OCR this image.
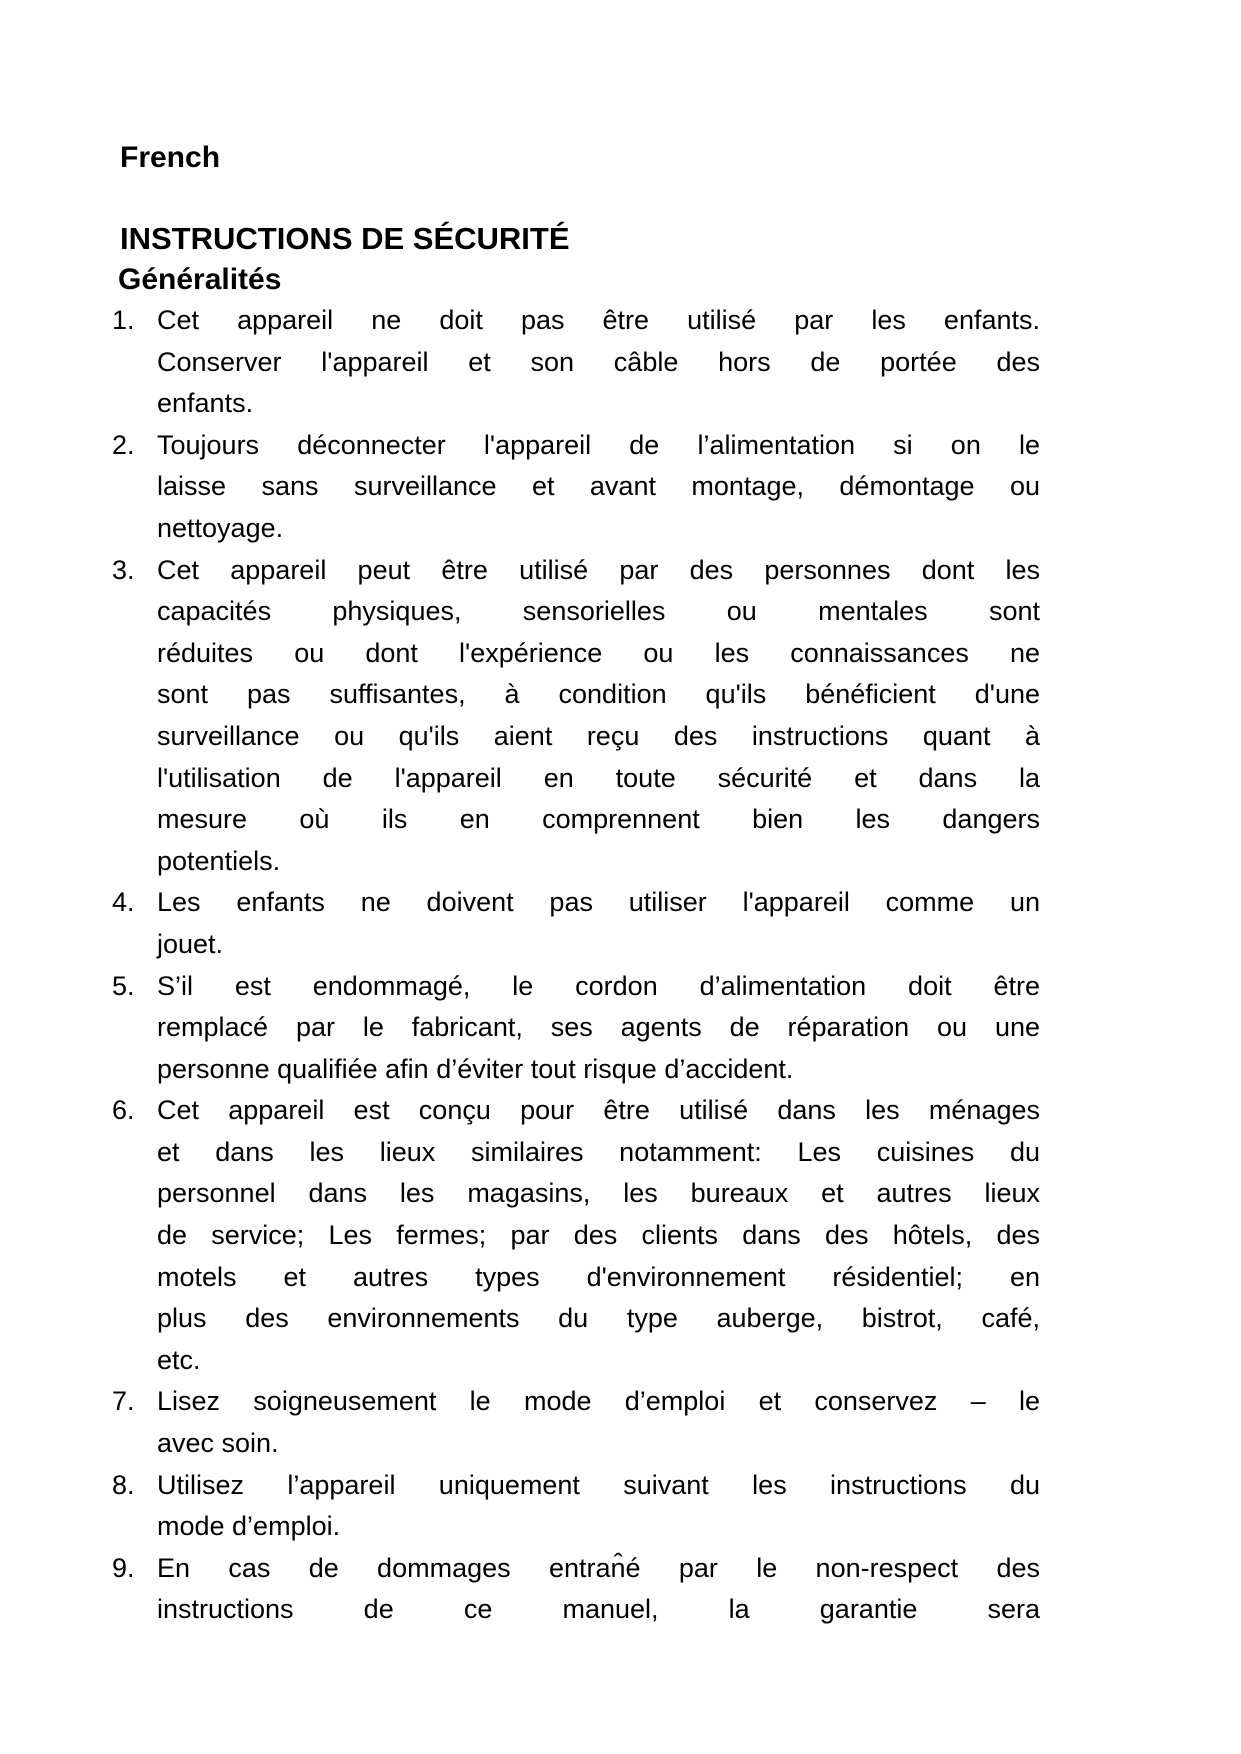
French
INSTRUCTIONS DE SÉCURITÉ
Généralités
1. Cet appareil ne doit pas être utilisé par les enfants.
Conserver l'appareil et son câble hors de portée des
enfants.
2. Toujours déconnecter l'appareil de l’alimentation si on le
laisse sans surveillance et avant montage, démontage ou
nettoyage.
3. Cet appareil peut être utilisé par des personnes dont les
capacités physiques, sensorielles ou mentales sont
réduites ou dont l'expérience ou les connaissances ne
sont pas suffisantes, à condition qu'ils bénéficient d'une
surveillance ou qu'ils aient reçu des instructions quant à
l'utilisation de l'appareil en toute sécurité et dans la
mesure où ils en comprennent bien les dangers
potentiels.
4. Les enfants ne doivent pas utiliser l'appareil comme un
jouet.
5. S’il est endommagé, le cordon d’alimentation doit être
remplacé par le fabricant, ses agents de réparation ou une
personne qualifiée afin d’éviter tout risque d’accident.
6. Cet appareil est conçu pour être utilisé dans les ménages
et dans les lieux similaires notamment: Les cuisines du
personnel dans les magasins, les bureaux et autres lieux
de service; Les fermes; par des clients dans des hôtels, des
motels et autres types d'environnement résidentiel; en
plus des environnements du type auberge, bistrot, café,
etc.
7. Lisez soigneusement le mode d’emploi et conservez – le
avec soin.
8. Utilisez l’appareil uniquement suivant les instructions du
mode d’emploi.
9. En cas de dommages entran̂é par le non-respect des
instructions de ce manuel, la garantie sera
